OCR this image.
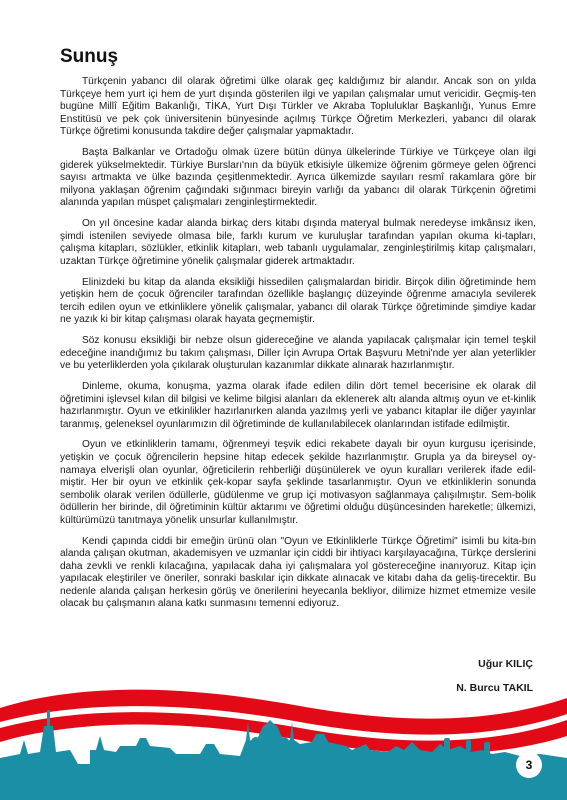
Sunuş

Türkçenin yabancı dil olarak öğretimi ülke olarak geç kaldığımız bir alandır. Ancak son on yılda Türkçeye hem yurt içi hem de yurt dışında gösterilen ilgi ve yapılan çalışmalar umut vericidir. Geçmiş-ten bugüne Millî Eğitim Bakanlığı, TİKA, Yurt Dışı Türkler ve Akraba Topluluklar Başkanlığı, Yunus Emre Enstitüsü ve pek çok üniversitenin bünyesinde açılmış Türkçe Öğretim Merkezleri, yabancı dil olarak Türkçe öğretimi konusunda takdire değer çalışmalar yapmaktadır.

Başta Balkanlar ve Ortadoğu olmak üzere bütün dünya ülkelerinde Türkiye ve Türkçeye olan ilgi giderek yükselmektedir. Türkiye Bursları'nın da büyük etkisiyle ülkemize öğrenim görmeye gelen öğrenci sayısı artmakta ve ülke bazında çeşitlenmektedir. Ayrıca ülkemizde sayıları resmî rakamlara göre bir milyona yaklaşan öğrenim çağındaki sığınmacı bireyin varlığı da yabancı dil olarak Türkçenin öğretimi alanında yapılan müspet çalışmaları zenginleştirmektedir.

On yıl öncesine kadar alanda birkaç ders kitabı dışında materyal bulmak neredeyse imkânsız iken, şimdi istenilen seviyede olmasa bile, farklı kurum ve kuruluşlar tarafından yapılan okuma ki-tapları, çalışma kitapları, sözlükler, etkinlik kitapları, web tabanlı uygulamalar, zenginleştirilmiş kitap çalışmaları, uzaktan Türkçe öğretimine yönelik çalışmalar giderek artmaktadır.

Elinizdeki bu kitap da alanda eksikliği hissedilen çalışmalardan biridir. Birçok dilin öğretiminde hem yetişkin hem de çocuk öğrenciler tarafından özellikle başlangıç düzeyinde öğrenme amacıyla sevilerek tercih edilen oyun ve etkinliklere yönelik çalışmalar, yabancı dil olarak Türkçe öğretiminde şimdiye kadar ne yazık ki bir kitap çalışması olarak hayata geçmemiştir.

Söz konusu eksikliği bir nebze olsun gidereceğine ve alanda yapılacak çalışmalar için temel teşkil edeceğine inandığımız bu takım çalışması, Diller İçin Avrupa Ortak Başvuru Metni'nde yer alan yeterlikler ve bu yeterliklerden yola çıkılarak oluşturulan kazanımlar dikkate alınarak hazırlanmıştır.

Dinleme, okuma, konuşma, yazma olarak ifade edilen dilin dört temel becerisine ek olarak dil öğretimini işlevsel kılan dil bilgisi ve kelime bilgisi alanları da eklenerek altı alanda altmış oyun ve et-kinlik hazırlanmıştır. Oyun ve etkinlikler hazırlanırken alanda yazılmış yerli ve yabancı kitaplar ile diğer yayınlar taranmış, geleneksel oyunlarımızın dil öğretiminde de kullanılabilecek olanlarından istifade edilmiştir.

Oyun ve etkinliklerin tamamı, öğrenmeyi teşvik edici rekabete dayalı bir oyun kurgusu içerisinde, yetişkin ve çocuk öğrencilerin hepsine hitap edecek şekilde hazırlanmıştır. Grupla ya da bireysel oy-namaya elverişli olan oyunlar, öğreticilerin rehberliği düşünülerek ve oyun kuralları verilerek ifade edil-miştir. Her bir oyun ve etkinlik çek-kopar sayfa şeklinde tasarlanmıştır. Oyun ve etkinliklerin sonunda sembolik olarak verilen ödüllerle, güdülenme ve grup içi motivasyon sağlanmaya çalışılmıştır. Sem-bolik ödüllerin her birinde, dil öğretiminin kültür aktarımı ve öğretimi olduğu düşüncesinden hareketle; ülkemizi, kültürümüzü tanıtmaya yönelik unsurlar kullanılmıştır.

Kendi çapında ciddi bir emeğin ürünü olan "Oyun ve Etkinliklerle Türkçe Öğretimi" isimli bu kita-bın alanda çalışan okutman, akademisyen ve uzmanlar için ciddi bir ihtiyacı karşılayacağına, Türkçe derslerini daha zevkli ve renkli kılacağına, yapılacak daha iyi çalışmalara yol göstereceğine inanıyoruz. Kitap için yapılacak eleştiriler ve öneriler, sonraki baskılar için dikkate alınacak ve kitabı daha da geliş-tirecektir. Bu nedenle alanda çalışan herkesin görüş ve önerilerini heyecanla bekliyor, dilimize hizmet etmemize vesile olacak bu çalışmanın alana katkı sunmasını temenni ediyoruz.

Uğur KILIÇ
N. Burcu TAKIL
3
